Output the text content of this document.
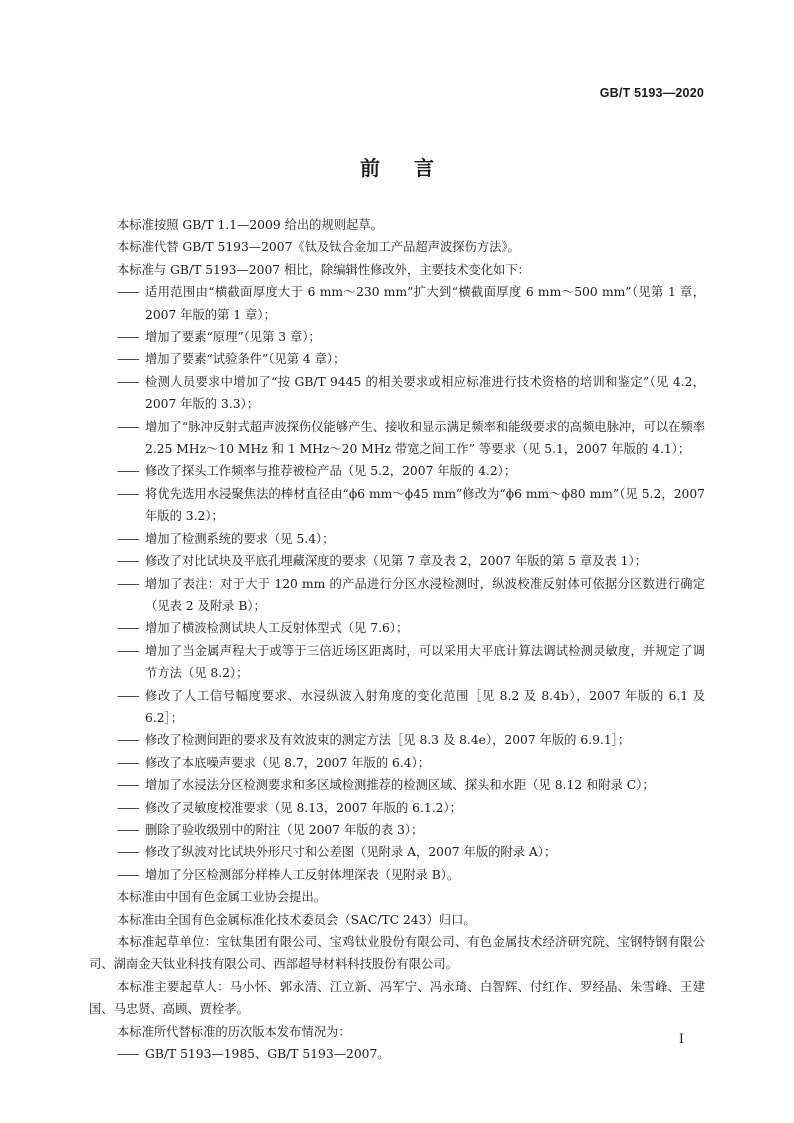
GB/T 5193—2020
前言

本标准按照 GB/T 1.1—2009 给出的规则起草。

本标准代替 GB/T 5193—2007《钛及钛合金加工产品超声波探伤方法》。

本标准与 GB/T 5193—2007 相比，除编辑性修改外，主要技术变化如下：

—— 适用范围由“横截面厚度大于 6 mm～230 mm”扩大到“横截面厚度 6 mm～500 mm”（见第 1 章，2007 年版的第 1 章）；
—— 增加了要素“原理”（见第 3 章）；
—— 增加了要素“试验条件”（见第 4 章）；
—— 检测人员要求中增加了“按 GB/T 9445 的相关要求或相应标准进行技术资格的培训和鉴定”（见 4.2，2007 年版的 3.3）；
—— 增加了“脉冲反射式超声波探伤仪能够产生、接收和显示满足频率和能级要求的高频电脉冲，可以在频率 2.25 MHz～10 MHz 和 1 MHz～20 MHz 带宽之间工作” 等要求（见 5.1，2007 年版的 4.1）；
—— 修改了探头工作频率与推荐被检产品（见 5.2，2007 年版的 4.2）；
—— 将优先选用水浸聚焦法的棒材直径由“ϕ6 mm～ϕ45 mm”修改为“ϕ6 mm～ϕ80 mm”（见 5.2，2007 年版的 3.2）；
—— 增加了检测系统的要求（见 5.4）；
—— 修改了对比试块及平底孔埋藏深度的要求（见第 7 章及表 2，2007 年版的第 5 章及表 1）；
—— 增加了表注：对于大于 120 mm 的产品进行分区水浸检测时，纵波校准反射体可依据分区数进行确定（见表 2 及附录 B）；
—— 增加了横波检测试块人工反射体型式（见 7.6）；
—— 增加了当金属声程大于或等于三倍近场区距离时，可以采用大平底计算法调试检测灵敏度，并规定了调节方法（见 8.2）；
—— 修改了人工信号幅度要求、水浸纵波入射角度的变化范围［见 8.2 及 8.4b），2007 年版的 6.1 及 6.2］；
—— 修改了检测间距的要求及有效波束的测定方法［见 8.3 及 8.4e），2007 年版的 6.9.1］；
—— 修改了本底噪声要求（见 8.7，2007 年版的 6.4）；
—— 增加了水浸法分区检测要求和多区域检测推荐的检测区域、探头和水距（见 8.12 和附录 C）；
—— 修改了灵敏度校准要求（见 8.13，2007 年版的 6.1.2）；
—— 删除了验收级别中的附注（见 2007 年版的表 3）；
—— 修改了纵波对比试块外形尺寸和公差图（见附录 A，2007 年版的附录 A）；
—— 增加了分区检测部分样棒人工反射体埋深表（见附录 B）。

本标准由中国有色金属工业协会提出。

本标准由全国有色金属标准化技术委员会（SAC/TC 243）归口。

本标准起草单位：宝钛集团有限公司、宝鸡钛业股份有限公司、有色金属技术经济研究院、宝钢特钢有限公司、湖南金天钛业科技有限公司、西部超导材料科技股份有限公司。

本标准主要起草人：马小怀、郭永清、江立新、冯军宁、冯永琦、白智辉、付红作、罗经晶、朱雪峰、王建国、马忠贤、高顾、贾栓孝。

本标准所代替标准的历次版本发布情况为：

—— GB/T 5193—1985、GB/T 5193—2007。
I
